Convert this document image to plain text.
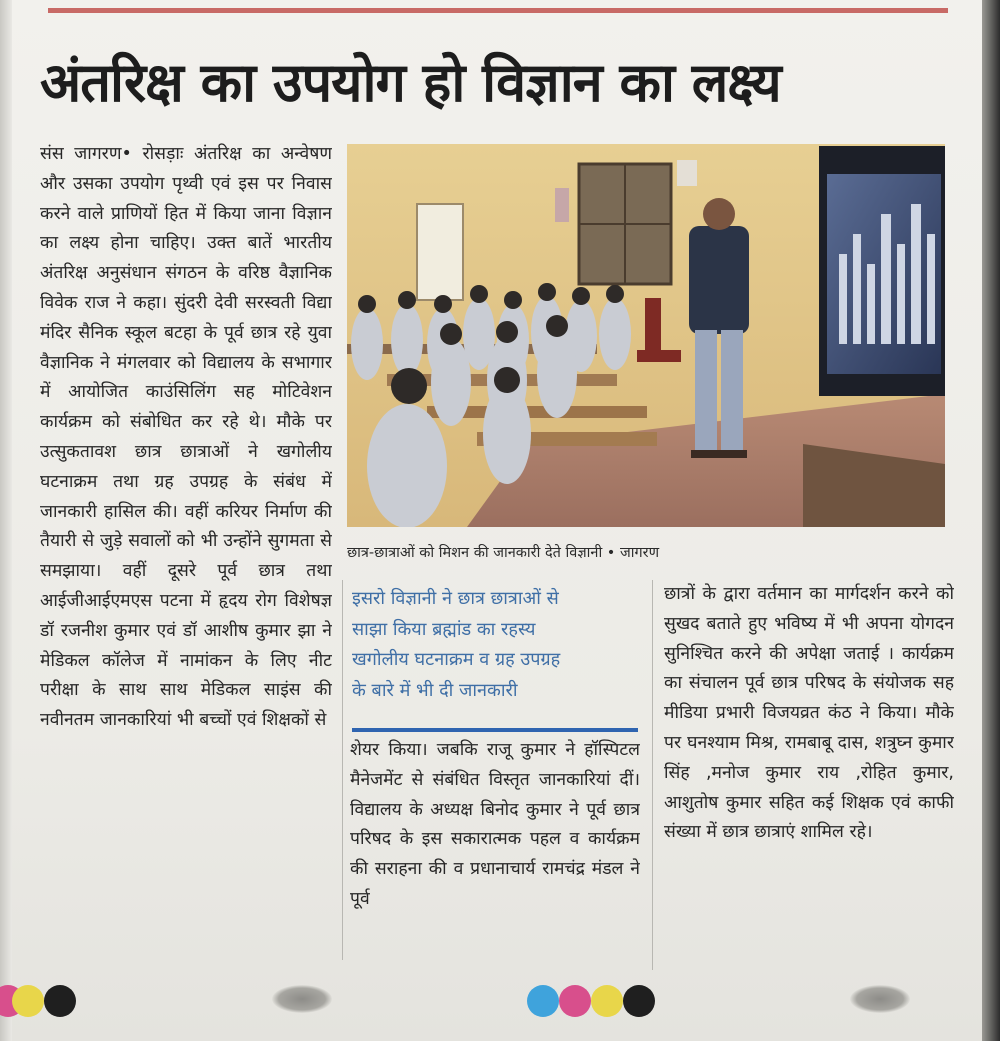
अंतरिक्ष का उपयोग हो विज्ञान का लक्ष्य
संस जागरण• रोसड़ाः अंतरिक्ष का अन्वेषण और उसका उपयोग पृथ्वी एवं इस पर निवास करने वाले प्राणियों हित में किया जाना विज्ञान का लक्ष्य होना चाहिए। उक्त बातें भारतीय अंतरिक्ष अनुसंधान संगठन के वरिष्ठ वैज्ञानिक विवेक राज ने कहा। सुंदरी देवी सरस्वती विद्या मंदिर सैनिक स्कूल बटहा के पूर्व छात्र रहे युवा वैज्ञानिक ने मंगलवार को विद्यालय के सभागार में आयोजित काउंसिलिंग सह मोटिवेशन कार्यक्रम को संबोधित कर रहे थे। मौके पर उत्सुकतावश छात्र छात्राओं ने खगोलीय घटनाक्रम तथा ग्रह उपग्रह के संबंध में जानकारी हासिल की। वहीं करियर निर्माण की तैयारी से जुड़े सवालों को भी उन्होंने सुगमता से समझाया। वहीं दूसरे पूर्व छात्र तथा आईजीआईएमएस पटना में हृदय रोग विशेषज्ञ डॉ रजनीश कुमार एवं डॉ आशीष कुमार झा ने मेडिकल कॉलेज में नामांकन के लिए नीट परीक्षा के साथ साथ मेडिकल साइंस की नवीनतम जानकारियां भी बच्चों एवं शिक्षकों से
छात्र-छात्राओं को मिशन की जानकारी देते विज्ञानी • जागरण
इसरो विज्ञानी ने छात्र छात्राओं से
साझा किया ब्रह्मांड का रहस्य
खगोलीय घटनाक्रम व ग्रह उपग्रह
के बारे में भी दी जानकारी
शेयर किया। जबकि राजू कुमार ने हॉस्पिटल मैनेजमेंट से संबंधित विस्तृत जानकारियां दीं। विद्यालय के अध्यक्ष बिनोद कुमार ने पूर्व छात्र परिषद के इस सकारात्मक पहल व कार्यक्रम की सराहना की व प्रधानाचार्य रामचंद्र मंडल ने पूर्व
छात्रों के द्वारा वर्तमान का मार्गदर्शन करने को सुखद बताते हुए भविष्य में भी अपना योगदन सुनिश्चित करने की अपेक्षा जताई । कार्यक्रम का संचालन पूर्व छात्र परिषद के संयोजक सह मीडिया प्रभारी विजयव्रत कंठ ने किया। मौके पर घनश्याम मिश्र, रामबाबू दास, शत्रुघ्न कुमार सिंह ,मनोज कुमार राय ,रोहित कुमार, आशुतोष कुमार सहित कई शिक्षक एवं काफी संख्या में छात्र छात्राएं शामिल रहे।
